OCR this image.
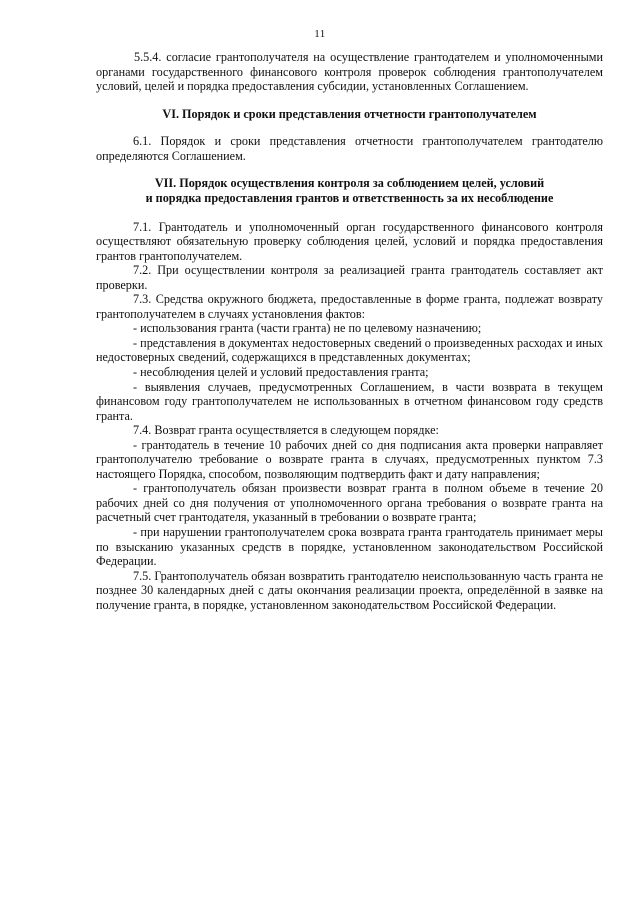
11

5.5.4. согласие грантополучателя на осуществление грантодателем и уполномоченными органами государственного финансового контроля проверок соблюдения грантополучателем условий, целей и порядка предоставления субсидии, установленных Соглашением.

VI. Порядок и сроки представления отчетности грантополучателем

6.1. Порядок и сроки представления отчетности грантополучателем грантодателю определяются Соглашением.

VII. Порядок осуществления контроля за соблюдением целей, условий
и порядка предоставления грантов и ответственность за их несоблюдение

7.1. Грантодатель и уполномоченный орган государственного финансового контроля осуществляют обязательную проверку соблюдения целей, условий и порядка предоставления грантов грантополучателем.

7.2. При осуществлении контроля за реализацией гранта грантодатель составляет акт проверки.

7.3. Средства окружного бюджета, предоставленные в форме гранта, подлежат возврату грантополучателем в случаях установления фактов:

- использования гранта (части гранта) не по целевому назначению;

- представления в документах недостоверных сведений о произведенных расходах и иных недостоверных сведений, содержащихся в представленных документах;

- несоблюдения целей и условий предоставления гранта;

- выявления случаев, предусмотренных Соглашением, в части возврата в текущем финансовом году грантополучателем не использованных в отчетном финансовом году средств гранта.

7.4. Возврат гранта осуществляется в следующем порядке:

- грантодатель в течение 10 рабочих дней со дня подписания акта проверки направляет грантополучателю требование о возврате гранта в случаях, предусмотренных пунктом 7.3 настоящего Порядка, способом, позволяющим подтвердить факт и дату направления;

- грантополучатель обязан произвести возврат гранта в полном объеме в течение 20 рабочих дней со дня получения от уполномоченного органа требования о возврате гранта на расчетный счет грантодателя, указанный в требовании о возврате гранта;

- при нарушении грантополучателем срока возврата гранта грантодатель принимает меры по взысканию указанных средств в порядке, установленном законодательством Российской Федерации.

7.5. Грантополучатель обязан возвратить грантодателю неиспользованную часть гранта не позднее 30 календарных дней с даты окончания реализации проекта, определённой в заявке на получение гранта, в порядке, установленном законодательством Российской Федерации.
